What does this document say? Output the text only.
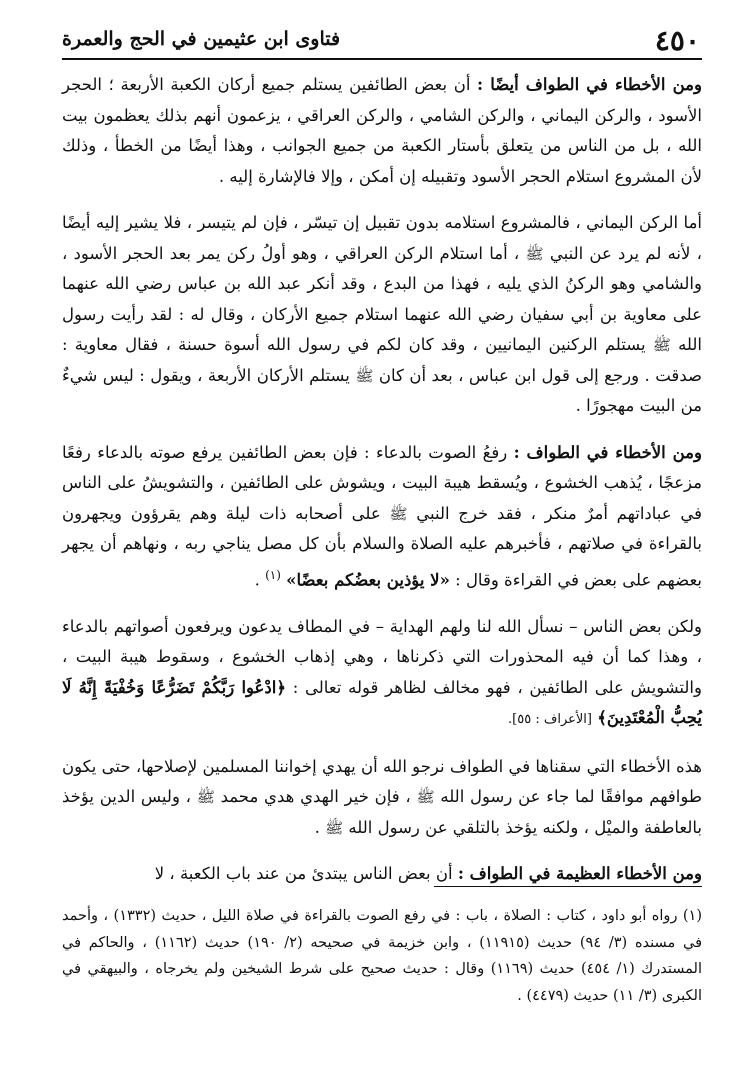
٤٥٠
فتاوى ابن عثيمين في الحج والعمرة

ومن الأخطاء في الطواف أيضًا : أن بعض الطائفين يستلم جميع أركان الكعبة الأربعة ؛ الحجر الأسود ، والركن اليماني ، والركن الشامي ، والركن العراقي ، يزعمون أنهم بذلك يعظمون بيت الله ، بل من الناس من يتعلق بأستار الكعبة من جميع الجوانب ، وهذا أيضًا من الخطأ ، وذلك لأن المشروع استلام الحجر الأسود وتقبيله إن أمكن ، وإلا فالإشارة إليه .

أما الركن اليماني ، فالمشروع استلامه بدون تقبيل إن تيسّر ، فإن لم يتيسر ، فلا يشير إليه أيضًا ، لأنه لم يرد عن النبي ﷺ ، أما استلام الركن العراقي ، وهو أولُ ركن يمر بعد الحجر الأسود ، والشامي وهو الركنُ الذي يليه ، فهذا من البدع ، وقد أنكر عبد الله بن عباس رضي الله عنهما على معاوية بن أبي سفيان رضي الله عنهما استلام جميع الأركان ، وقال له : لقد رأيت رسول الله ﷺ يستلم الركنين اليمانيين ، وقد كان لكم في رسول الله أسوة حسنة ، فقال معاوية : صدقت . ورجع إلى قول ابن عباس ، بعد أن كان ﷺ يستلم الأركان الأربعة ، ويقول : ليس شيءٌ من البيت مهجورًا .

ومن الأخطاء في الطواف : رفعُ الصوت بالدعاء : فإن بعض الطائفين يرفع صوته بالدعاء رفعًا مزعجًا ، يُذهب الخشوع ، ويُسقط هيبة البيت ، ويشوش على الطائفين ، والتشويشُ على الناس في عباداتهم أمرٌ منكر ، فقد خرج النبي ﷺ على أصحابه ذات ليلة وهم يقرؤون ويجهرون بالقراءة في صلاتهم ، فأخبرهم عليه الصلاة والسلام بأن كل مصل يناجي ربه ، ونهاهم أن يجهر بعضهم على بعض في القراءة وقال : «لا يؤذين بعضُكم بعضًا» $^{(١)}$ .

ولكن بعض الناس – نسأل الله لنا ولهم الهداية – في المطاف يدعون ويرفعون أصواتهم بالدعاء ، وهذا كما أن فيه المحذورات التي ذكرناها ، وهي إذهاب الخشوع ، وسقوط هيبة البيت ، والتشويش على الطائفين ، فهو مخالف لظاهر قوله تعالى : ﴿ادْعُوا رَبَّكُمْ تَضَرُّعًا وَخُفْيَةً إِنَّهُ لَا يُحِبُّ الْمُعْتَدِينَ﴾ [الأعراف : ٥٥].

هذه الأخطاء التي سقناها في الطواف نرجو الله أن يهدي إخواننا المسلمين لإصلاحها، حتى يكون طوافهم موافقًا لما جاء عن رسول الله ﷺ ، فإن خير الهدي هدي محمد ﷺ ، وليس الدين يؤخذ بالعاطفة والميْل ، ولكنه يؤخذ بالتلقي عن رسول الله ﷺ .

ومن الأخطاء العظيمة في الطواف : أن بعض الناس يبتدئ من عند باب الكعبة ، لا

(١) رواه أبو داود ، كتاب : الصلاة ، باب : في رفع الصوت بالقراءة في صلاة الليل ، حديث (١٣٣٢) ، وأحمد في مسنده (٣/ ٩٤) حديث (١١٩١٥) ، وابن خزيمة في صحيحه (٢/ ١٩٠) حديث (١١٦٢) ، والحاكم في المستدرك (١/ ٤٥٤) حديث (١١٦٩) وقال : حديث صحيح على شرط الشيخين ولم يخرجاه ، والبيهقي في الكبرى (٣/ ١١) حديث (٤٤٧٩) .
